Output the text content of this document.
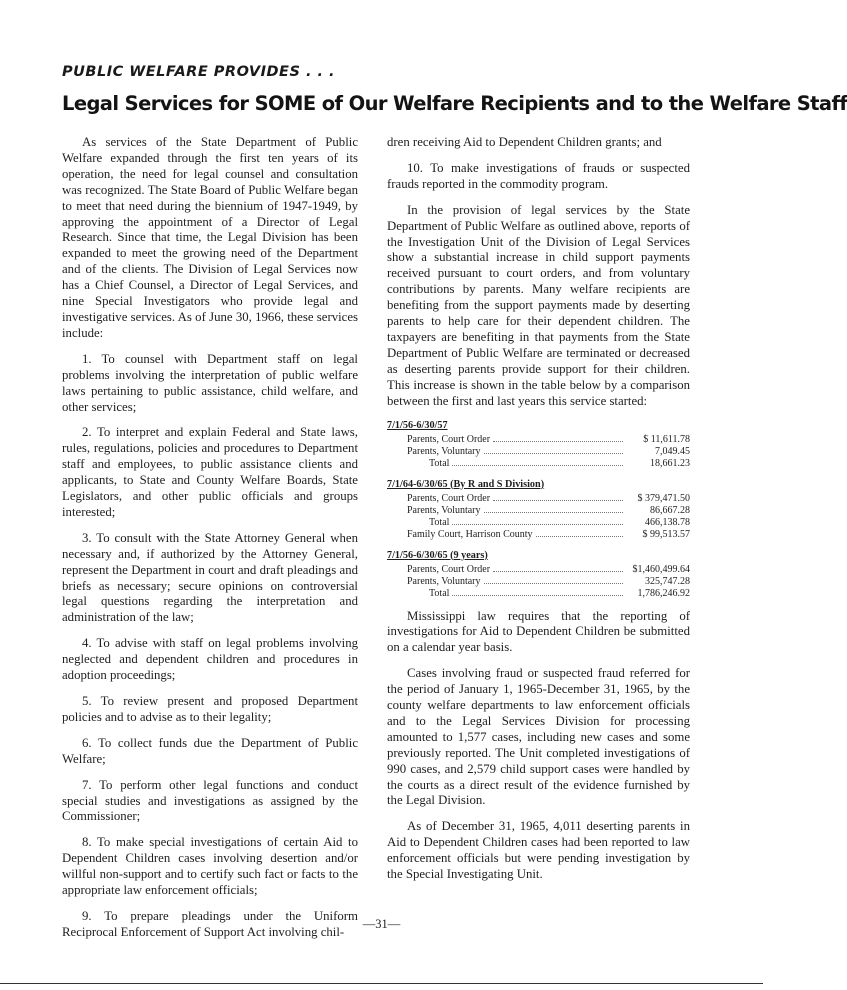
PUBLIC WELFARE PROVIDES . . .
Legal Services for SOME of Our Welfare Recipients and to the Welfare Staff

As services of the State Department of Public Welfare expanded through the first ten years of its operation, the need for legal counsel and consultation was recognized. The State Board of Public Welfare began to meet that need during the biennium of 1947-1949, by approving the appointment of a Director of Legal Research. Since that time, the Legal Division has been expanded to meet the growing need of the Department and of the clients. The Division of Legal Services now has a Chief Counsel, a Director of Legal Services, and nine Special Investigators who provide legal and investigative services. As of June 30, 1966, these services include:

1. To counsel with Department staff on legal problems involving the interpretation of public welfare laws pertaining to public assistance, child welfare, and other services;

2. To interpret and explain Federal and State laws, rules, regulations, policies and procedures to Department staff and employees, to public assistance clients and applicants, to State and County Welfare Boards, State Legislators, and other public officials and groups interested;

3. To consult with the State Attorney General when necessary and, if authorized by the Attorney General, represent the Department in court and draft pleadings and briefs as necessary; secure opinions on controversial legal questions regarding the interpretation and administration of the law;

4. To advise with staff on legal problems involving neglected and dependent children and procedures in adoption proceedings;

5. To review present and proposed Department policies and to advise as to their legality;

6. To collect funds due the Department of Public Welfare;

7. To perform other legal functions and conduct special studies and investigations as assigned by the Commissioner;

8. To make special investigations of certain Aid to Dependent Children cases involving desertion and/or willful non-support and to certify such fact or facts to the appropriate law enforcement officials;

9. To prepare pleadings under the Uniform Reciprocal Enforcement of Support Act involving chil-

dren receiving Aid to Dependent Children grants; and

10. To make investigations of frauds or suspected frauds reported in the commodity program.

In the provision of legal services by the State Department of Public Welfare as outlined above, reports of the Investigation Unit of the Division of Legal Services show a substantial increase in child support payments received pursuant to court orders, and from voluntary contributions by parents. Many welfare recipients are benefiting from the support payments made by deserting parents to help care for their dependent children. The taxpayers are benefiting in that payments from the State Department of Public Welfare are terminated or decreased as deserting parents provide support for their children. This increase is shown in the table below by a comparison between the first and last years this service started:

7/1/56-6/30/57
Parents, Court Order	$ 11,611.78
Parents, Voluntary	7,049.45
Total	18,661.23
7/1/64-6/30/65 (By R and S Division)
Parents, Court Order	$ 379,471.50
Parents, Voluntary	86,667.28
Total	466,138.78
Family Court, Harrison County	$ 99,513.57
7/1/56-6/30/65 (9 years)
Parents, Court Order	$1,460,499.64
Parents, Voluntary	325,747.28
Total	1,786,246.92

Mississippi law requires that the reporting of investigations for Aid to Dependent Children be submitted on a calendar year basis.

Cases involving fraud or suspected fraud referred for the period of January 1, 1965-December 31, 1965, by the county welfare departments to law enforcement officials and to the Legal Services Division for processing amounted to 1,577 cases, including new cases and some previously reported. The Unit completed investigations of 990 cases, and 2,579 child support cases were handled by the courts as a direct result of the evidence furnished by the Legal Division.

As of December 31, 1965, 4,011 deserting parents in Aid to Dependent Children cases had been reported to law enforcement officials but were pending investigation by the Special Investigating Unit.

—31—
